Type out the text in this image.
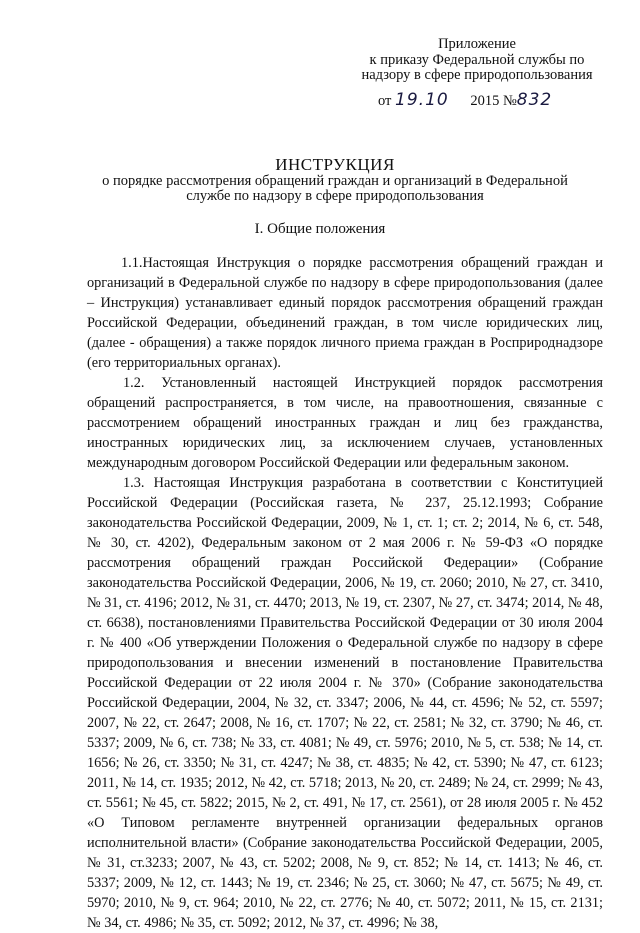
Приложение
к приказу Федеральной службы по
надзору в сфере природопользования
от 19.10 2015 №832
ИНСТРУКЦИЯ
о порядке рассмотрения обращений граждан и организаций в Федеральной
службе по надзору в сфере природопользования
I. Общие положения

1.1.Настоящая Инструкция о порядке рассмотрения обращений граждан и организаций в Федеральной службе по надзору в сфере природопользования (далее – Инструкция) устанавливает единый порядок рассмотрения обращений граждан Российской Федерации, объединений граждан, в том числе юридических лиц, (далее - обращения) а также порядок личного приема граждан в Росприроднадзоре (его территориальных органах).

1.2. Установленный настоящей Инструкцией порядок рассмотрения обращений распространяется, в том числе, на правоотношения, связанные с рассмотрением обращений иностранных граждан и лиц без гражданства, иностранных юридических лиц, за исключением случаев, установленных международным договором Российской Федерации или федеральным законом.

1.3. Настоящая Инструкция разработана в соответствии с Конституцией Российской Федерации (Российская газета, № 237, 25.12.1993; Собрание законодательства Российской Федерации, 2009, № 1, ст. 1; ст. 2; 2014, № 6, ст. 548, № 30, ст. 4202), Федеральным законом от 2 мая 2006 г. № 59-ФЗ «О порядке рассмотрения обращений граждан Российской Федерации» (Собрание законодательства Российской Федерации, 2006, № 19, ст. 2060; 2010, № 27, ст. 3410, № 31, ст. 4196; 2012, № 31, ст. 4470; 2013, № 19, ст. 2307, № 27, ст. 3474; 2014, № 48, ст. 6638), постановлениями Правительства Российской Федерации от 30 июля 2004 г. № 400 «Об утверждении Положения о Федеральной службе по надзору в сфере природопользования и внесении изменений в постановление Правительства Российской Федерации от 22 июля 2004 г. № 370» (Собрание законодательства Российской Федерации, 2004, № 32, ст. 3347; 2006, № 44, ст. 4596; № 52, ст. 5597; 2007, № 22, ст. 2647; 2008, № 16, ст. 1707; № 22, ст. 2581; № 32, ст. 3790; № 46, ст. 5337; 2009, № 6, ст. 738; № 33, ст. 4081; № 49, ст. 5976; 2010, № 5, ст. 538; № 14, ст. 1656; № 26, ст. 3350; № 31, ст. 4247; № 38, ст. 4835; № 42, ст. 5390; № 47, ст. 6123; 2011, № 14, ст. 1935; 2012, № 42, ст. 5718; 2013, № 20, ст. 2489; № 24, ст. 2999; № 43, ст. 5561; № 45, ст. 5822; 2015, № 2, ст. 491, № 17, ст. 2561), от 28 июля 2005 г. № 452 «О Типовом регламенте внутренней организации федеральных органов исполнительной власти» (Собрание законодательства Российской Федерации, 2005, № 31, ст.3233; 2007, № 43, ст. 5202; 2008, № 9, ст. 852; № 14, ст. 1413; № 46, ст. 5337; 2009, № 12, ст. 1443; № 19, ст. 2346; № 25, ст. 3060; № 47, ст. 5675; № 49, ст. 5970; 2010, № 9, ст. 964; 2010, № 22, ст. 2776; № 40, ст. 5072; 2011, № 15, ст. 2131; № 34, ст. 4986; № 35, ст. 5092; 2012, № 37, ст. 4996; № 38,
